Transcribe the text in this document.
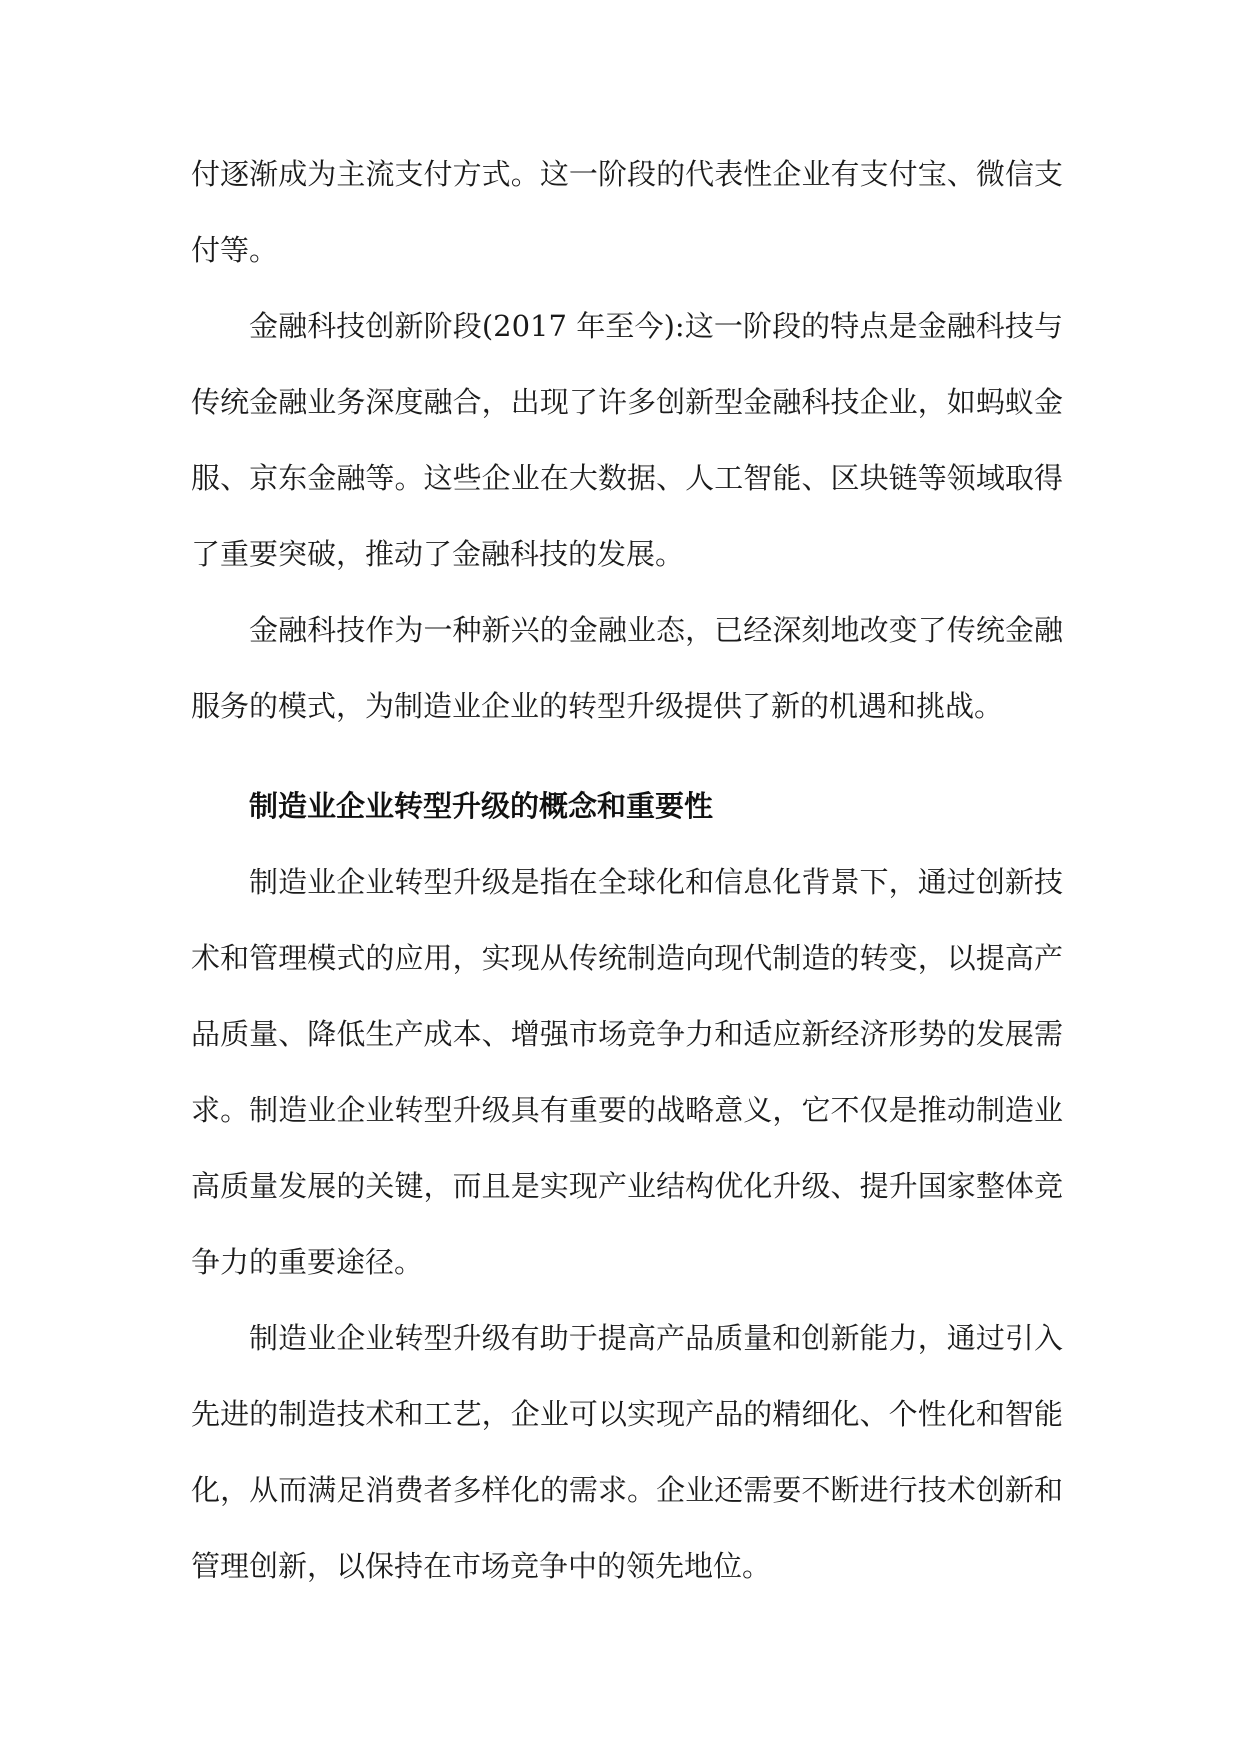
付逐渐成为主流支付方式。这一阶段的代表性企业有支付宝、微信支付等。

金融科技创新阶段(2017 年至今):这一阶段的特点是金融科技与传统金融业务深度融合，出现了许多创新型金融科技企业，如蚂蚁金服、京东金融等。这些企业在大数据、人工智能、区块链等领域取得了重要突破，推动了金融科技的发展。

金融科技作为一种新兴的金融业态，已经深刻地改变了传统金融服务的模式，为制造业企业的转型升级提供了新的机遇和挑战。

制造业企业转型升级的概念和重要性

制造业企业转型升级是指在全球化和信息化背景下，通过创新技术和管理模式的应用，实现从传统制造向现代制造的转变，以提高产品质量、降低生产成本、增强市场竞争力和适应新经济形势的发展需求。制造业企业转型升级具有重要的战略意义，它不仅是推动制造业高质量发展的关键，而且是实现产业结构优化升级、提升国家整体竞争力的重要途径。

制造业企业转型升级有助于提高产品质量和创新能力，通过引入先进的制造技术和工艺，企业可以实现产品的精细化、个性化和智能化，从而满足消费者多样化的需求。企业还需要不断进行技术创新和管理创新，以保持在市场竞争中的领先地位。
